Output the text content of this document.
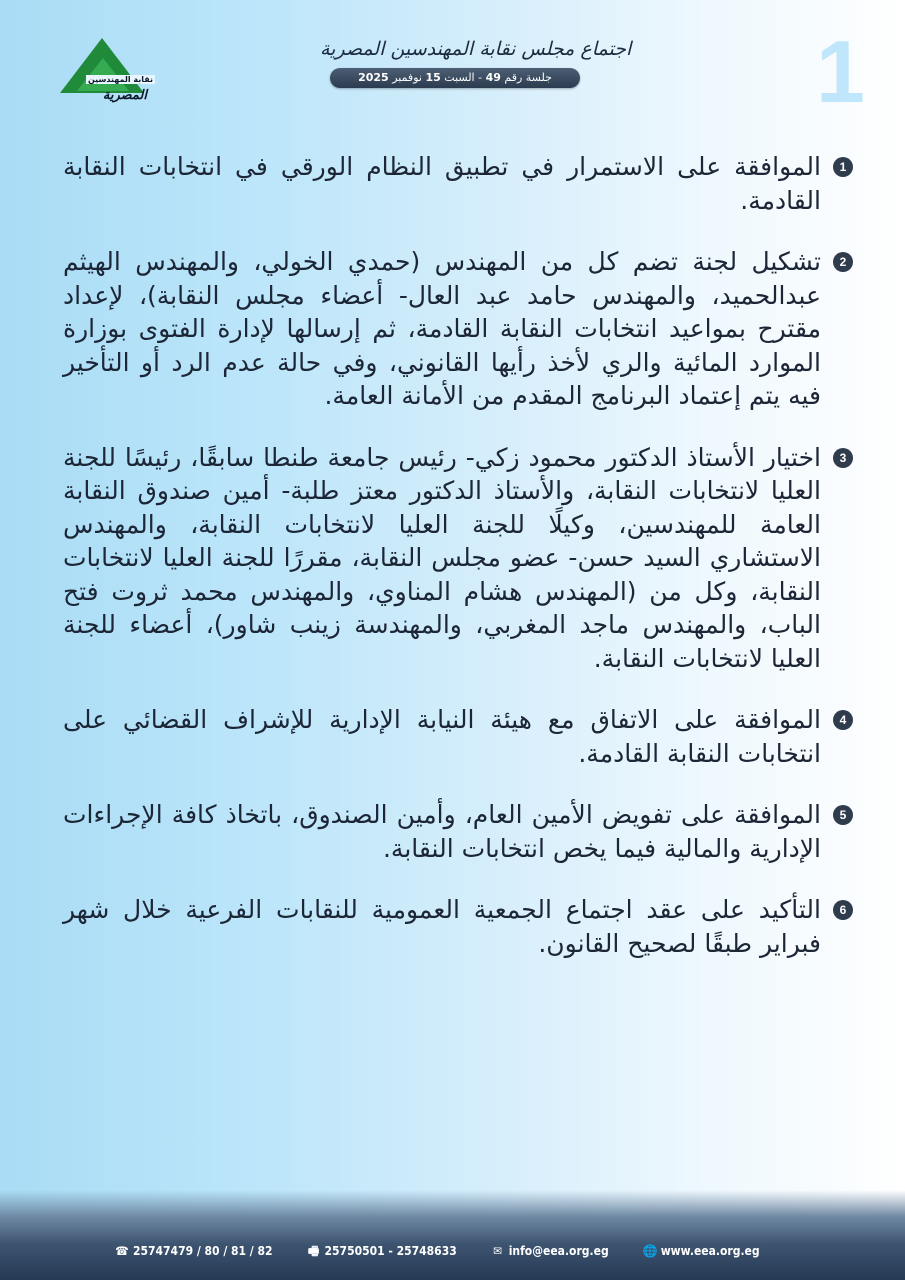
نقابة المهندسين
المصرية
اجتماع مجلس نقابة المهندسين المصرية
جلسة رقم 49 - السبت 15 نوفمبر 2025	1
1
الموافقة على الاستمرار في تطبيق النظام الورقي في انتخابات النقابة القادمة.
2
تشكيل لجنة تضم كل من المهندس (حمدي الخولي، والمهندس الهيثم عبدالحميد، والمهندس حامد عبد العال- أعضاء مجلس النقابة)، لإعداد مقترح بمواعيد انتخابات النقابة القادمة، ثم إرسالها لإدارة الفتوى بوزارة الموارد المائية والري لأخذ رأيها القانوني، وفي حالة عدم الرد أو التأخير فيه يتم إعتماد البرنامج المقدم من الأمانة العامة.
3
اختيار الأستاذ الدكتور محمود زكي- رئيس جامعة طنطا سابقًا، رئيسًا للجنة العليا لانتخابات النقابة، والأستاذ الدكتور معتز طلبة- أمين صندوق النقابة العامة للمهندسين، وكيلًا للجنة العليا لانتخابات النقابة، والمهندس الاستشاري السيد حسن- عضو مجلس النقابة، مقررًا للجنة العليا لانتخابات النقابة، وكل من (المهندس هشام المناوي، والمهندس محمد ثروت فتح الباب، والمهندس ماجد المغربي، والمهندسة زينب شاور)، أعضاء للجنة العليا لانتخابات النقابة.
4
الموافقة على الاتفاق مع هيئة النيابة الإدارية للإشراف القضائي على انتخابات النقابة القادمة.
5
الموافقة على تفويض الأمين العام، وأمين الصندوق، باتخاذ كافة الإجراءات الإدارية والمالية فيما يخص انتخابات النقابة.
6
التأكيد على عقد اجتماع الجمعية العمومية للنقابات الفرعية خلال شهر فبراير طبقًا لصحيح القانون.
☎ 25747479 / 80 / 81 / 82	🖷 25750501 - 25748633	✉ info@eea.org.eg	🌐 www.eea.org.eg
